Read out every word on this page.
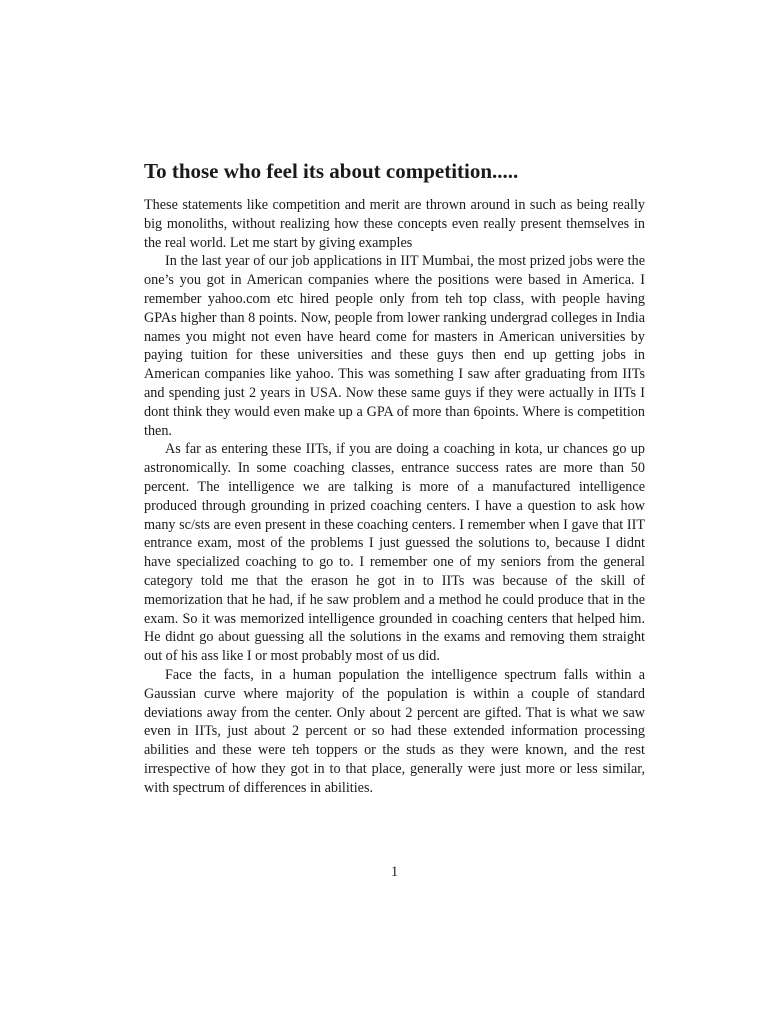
To those who feel its about competition.....

These statements like competition and merit are thrown around in such as being really big monoliths, without realizing how these concepts even really present themselves in the real world. Let me start by giving examples

In the last year of our job applications in IIT Mumbai, the most prized jobs were the one’s you got in American companies where the positions were based in America. I remember yahoo.com etc hired people only from teh top class, with people having GPAs higher than 8 points. Now, people from lower ranking undergrad colleges in India names you might not even have heard come for masters in American universities by paying tuition for these universities and these guys then end up getting jobs in American companies like yahoo. This was something I saw after graduating from IITs and spending just 2 years in USA. Now these same guys if they were actually in IITs I dont think they would even make up a GPA of more than 6points. Where is competition then.

As far as entering these IITs, if you are doing a coaching in kota, ur chances go up astronomically. In some coaching classes, entrance success rates are more than 50 percent. The intelligence we are talking is more of a manufactured intelligence produced through grounding in prized coaching centers. I have a question to ask how many sc/sts are even present in these coaching centers. I remember when I gave that IIT entrance exam, most of the problems I just guessed the solutions to, because I didnt have specialized coaching to go to. I remember one of my seniors from the general category told me that the erason he got in to IITs was because of the skill of memorization that he had, if he saw problem and a method he could produce that in the exam. So it was memorized intelligence grounded in coaching centers that helped him. He didnt go about guessing all the solutions in the exams and removing them straight out of his ass like I or most probably most of us did.

Face the facts, in a human population the intelligence spectrum falls within a Gaussian curve where majority of the population is within a couple of standard deviations away from the center. Only about 2 percent are gifted. That is what we saw even in IITs, just about 2 percent or so had these extended information processing abilities and these were teh toppers or the studs as they were known, and the rest irrespective of how they got in to that place, generally were just more or less similar, with spectrum of differences in abilities.

1
